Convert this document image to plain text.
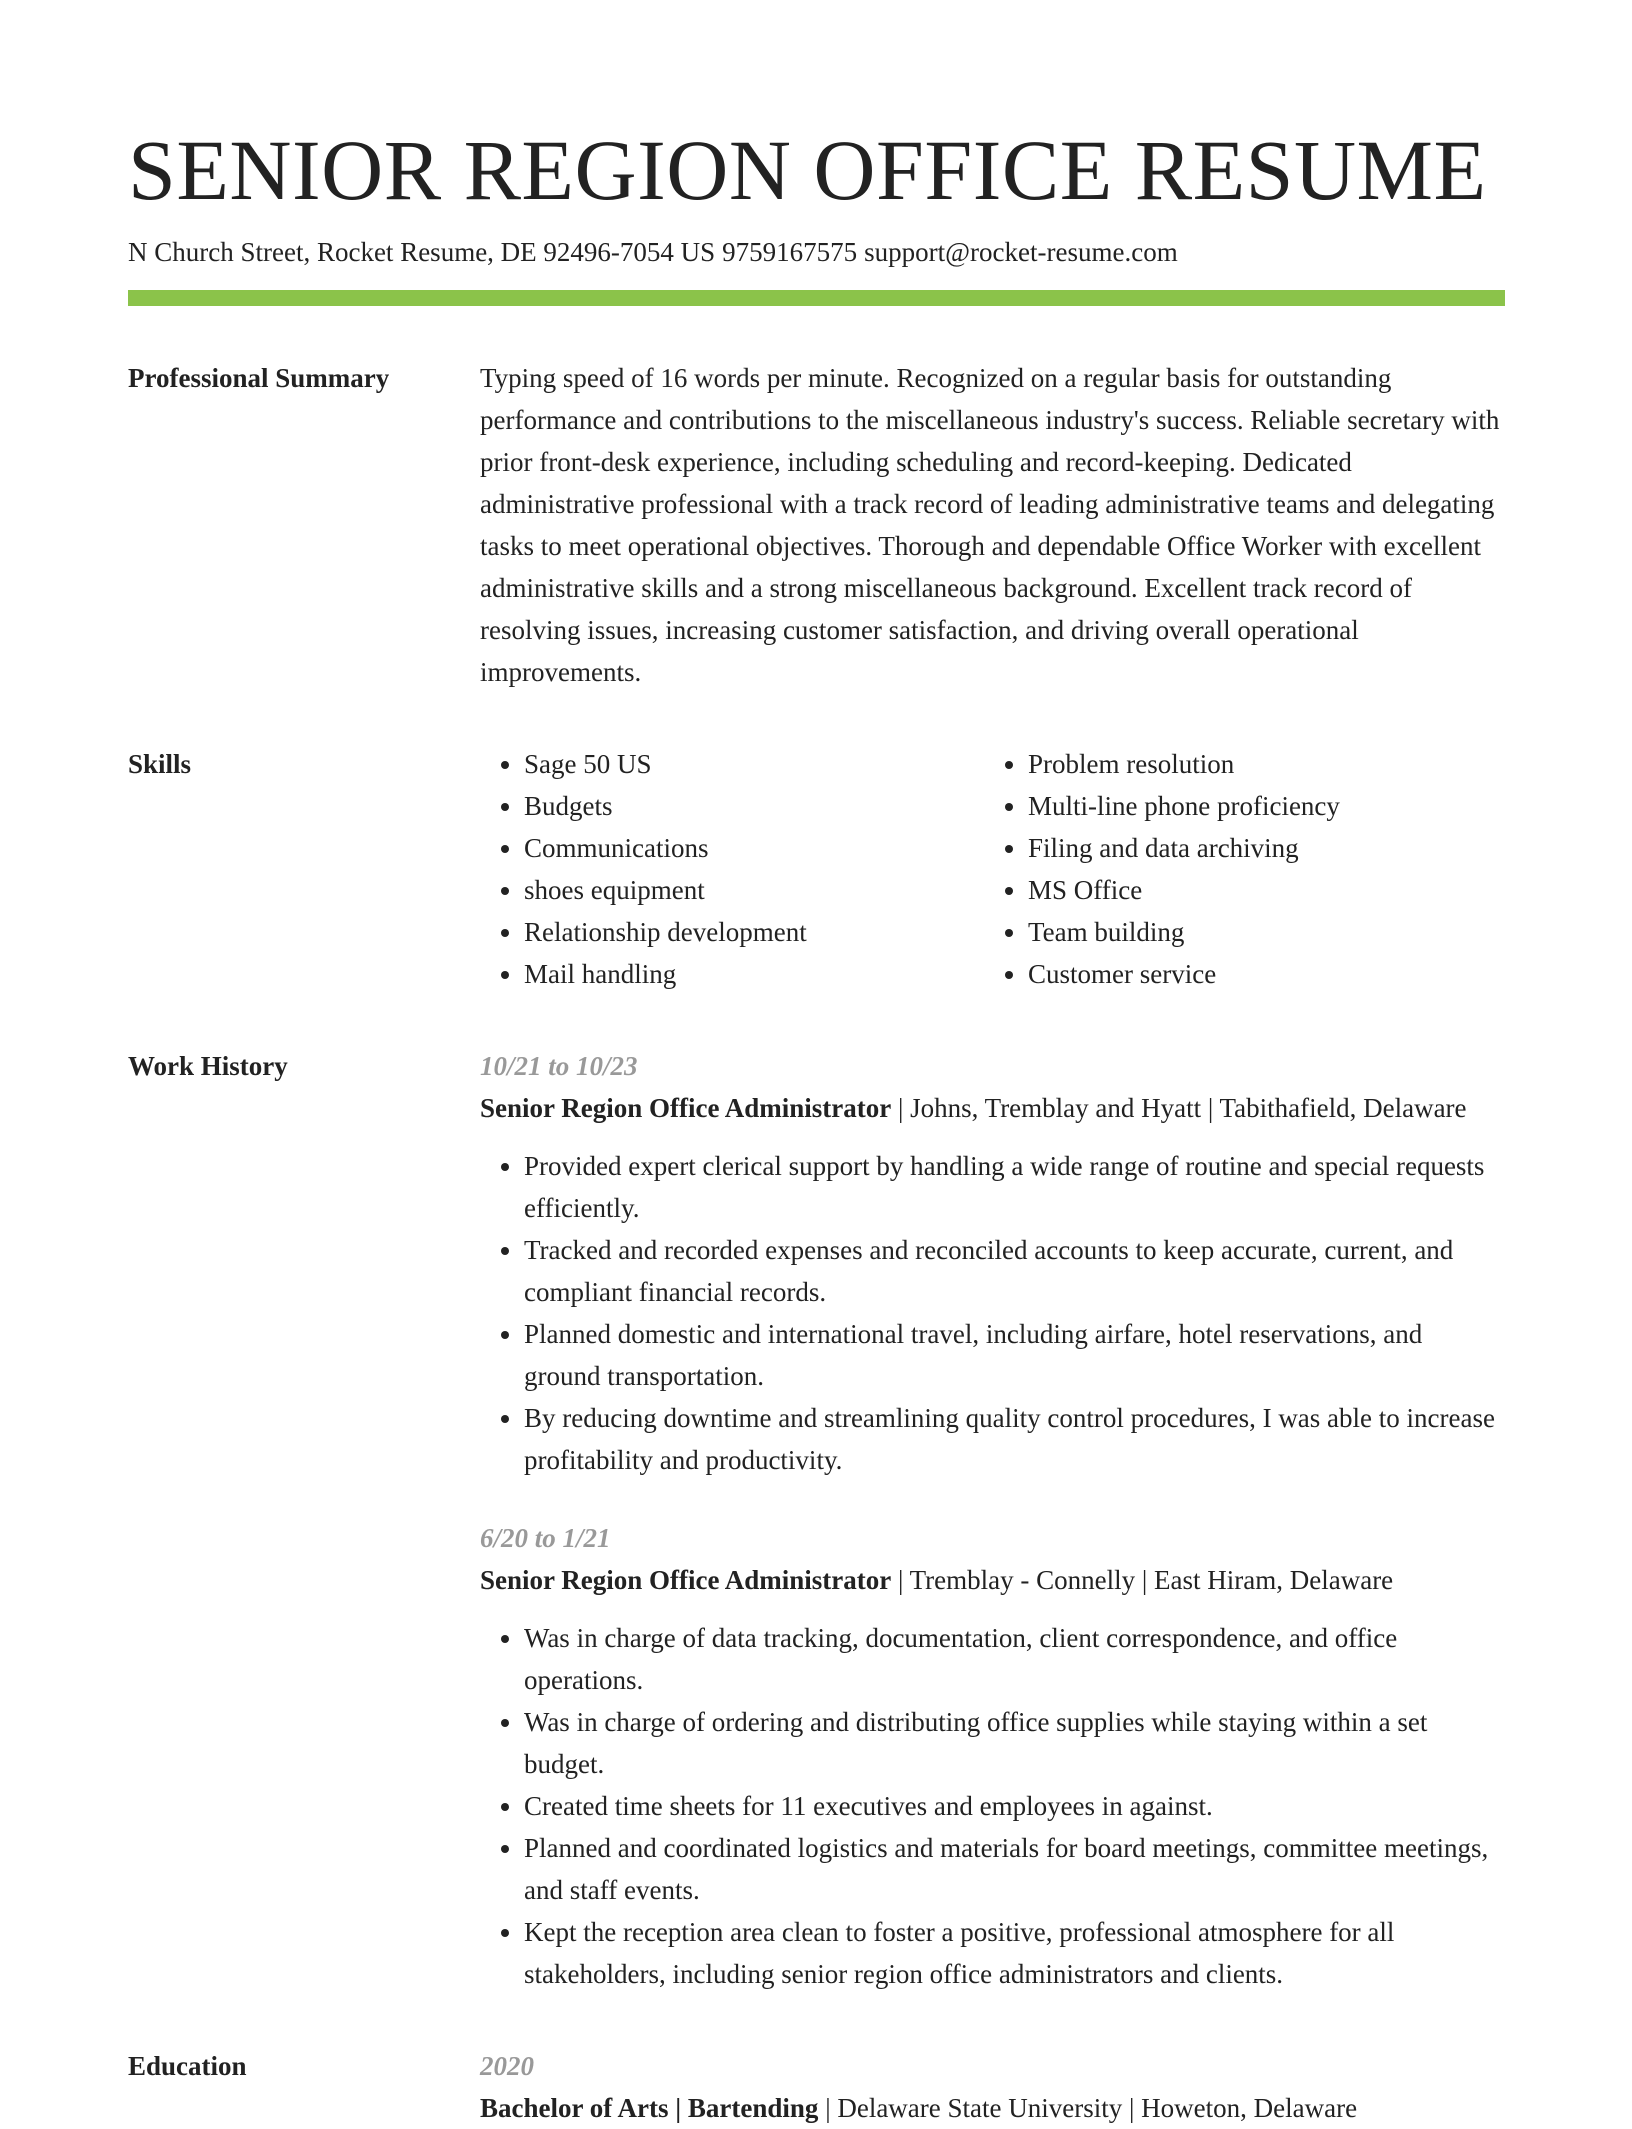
SENIOR REGION OFFICE RESUME
N Church Street, Rocket Resume, DE 92496-7054 US 9759167575 support@rocket-resume.com
Professional Summary	Typing speed of 16 words per minute. Recognized on a regular basis for outstanding performance and contributions to the miscellaneous industry's success. Reliable secretary with prior front-desk experience, including scheduling and record-keeping. Dedicated administrative professional with a track record of leading administrative teams and delegating tasks to meet operational objectives. Thorough and dependable Office Worker with excellent administrative skills and a strong miscellaneous background. Excellent track record of resolving issues, increasing customer satisfaction, and driving overall operational improvements.

Skills
•	Sage 50 US
• Budgets
• Communications
• shoes equipment
• Relationship development
• Mail handling
• Problem resolution
• Multi-line phone proficiency
• Filing and data archiving
• MS Office
• Team building
• Customer service
Work History	10/21 to 10/23
Senior Region Office Administrator | Johns, Tremblay and Hyatt | Tabithafield, Delaware
• Provided expert clerical support by handling a wide range of routine and special requests efficiently.
• Tracked and recorded expenses and reconciled accounts to keep accurate, current, and compliant financial records.
• Planned domestic and international travel, including airfare, hotel reservations, and ground transportation.
• By reducing downtime and streamlining quality control procedures, I was able to increase profitability and productivity.
6/20 to 1/21
Senior Region Office Administrator | Tremblay - Connelly | East Hiram, Delaware
• Was in charge of data tracking, documentation, client correspondence, and office operations.
• Was in charge of ordering and distributing office supplies while staying within a set budget.
• Created time sheets for 11 executives and employees in against.
• Planned and coordinated logistics and materials for board meetings, committee meetings, and staff events.
• Kept the reception area clean to foster a positive, professional atmosphere for all stakeholders, including senior region office administrators and clients.
Education	2020
Bachelor of Arts | Bartending | Delaware State University | Howeton, Delaware
